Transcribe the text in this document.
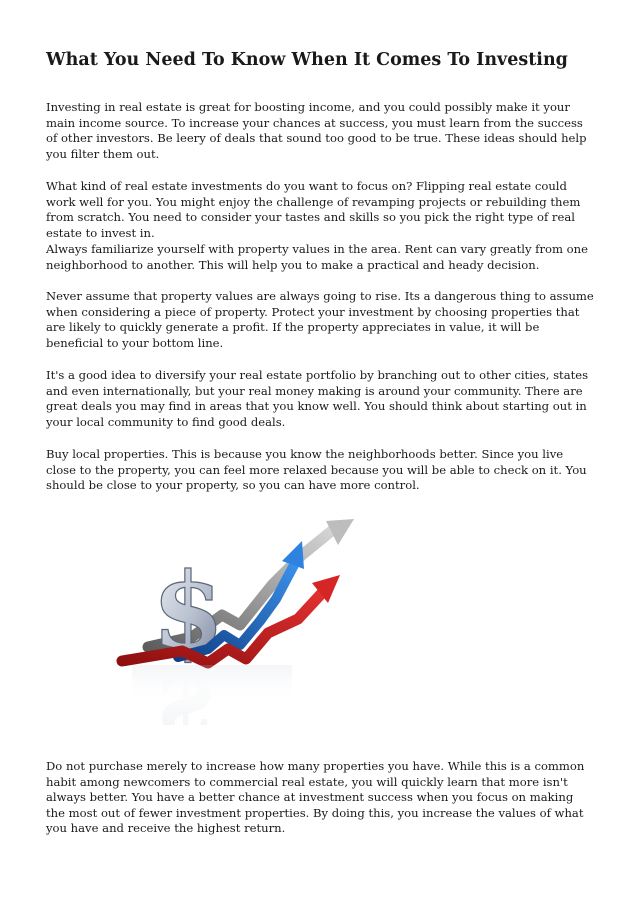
What You Need To Know When It Comes To Investing

Investing in real estate is great for boosting income, and you could possibly make it your main income source. To increase your chances at success, you must learn from the success of other investors. Be leery of deals that sound too good to be true. These ideas should help you filter them out.

What kind of real estate investments do you want to focus on? Flipping real estate could work well for you. You might enjoy the challenge of revamping projects or rebuilding them from scratch. You need to consider your tastes and skills so you pick the right type of real estate to invest in.

Always familiarize yourself with property values in the area. Rent can vary greatly from one neighborhood to another. This will help you to make a practical and heady decision.

Never assume that property values are always going to rise. Its a dangerous thing to assume when considering a piece of property. Protect your investment by choosing properties that are likely to quickly generate a profit. If the property appreciates in value, it will be beneficial to your bottom line.

It's a good idea to diversify your real estate portfolio by branching out to other cities, states and even internationally, but your real money making is around your community. There are great deals you may find in areas that you know well. You should think about starting out in your local community to find good deals.

Buy local properties. This is because you know the neighborhoods better. Since you live close to the property, you can feel more relaxed because you will be able to check on it. You should be close to your property, so you can have more control.

$
$

Do not purchase merely to increase how many properties you have. While this is a common habit among newcomers to commercial real estate, you will quickly learn that more isn't always better. You have a better chance at investment success when you focus on making the most out of fewer investment properties. By doing this, you increase the values of what you have and receive the highest return.
